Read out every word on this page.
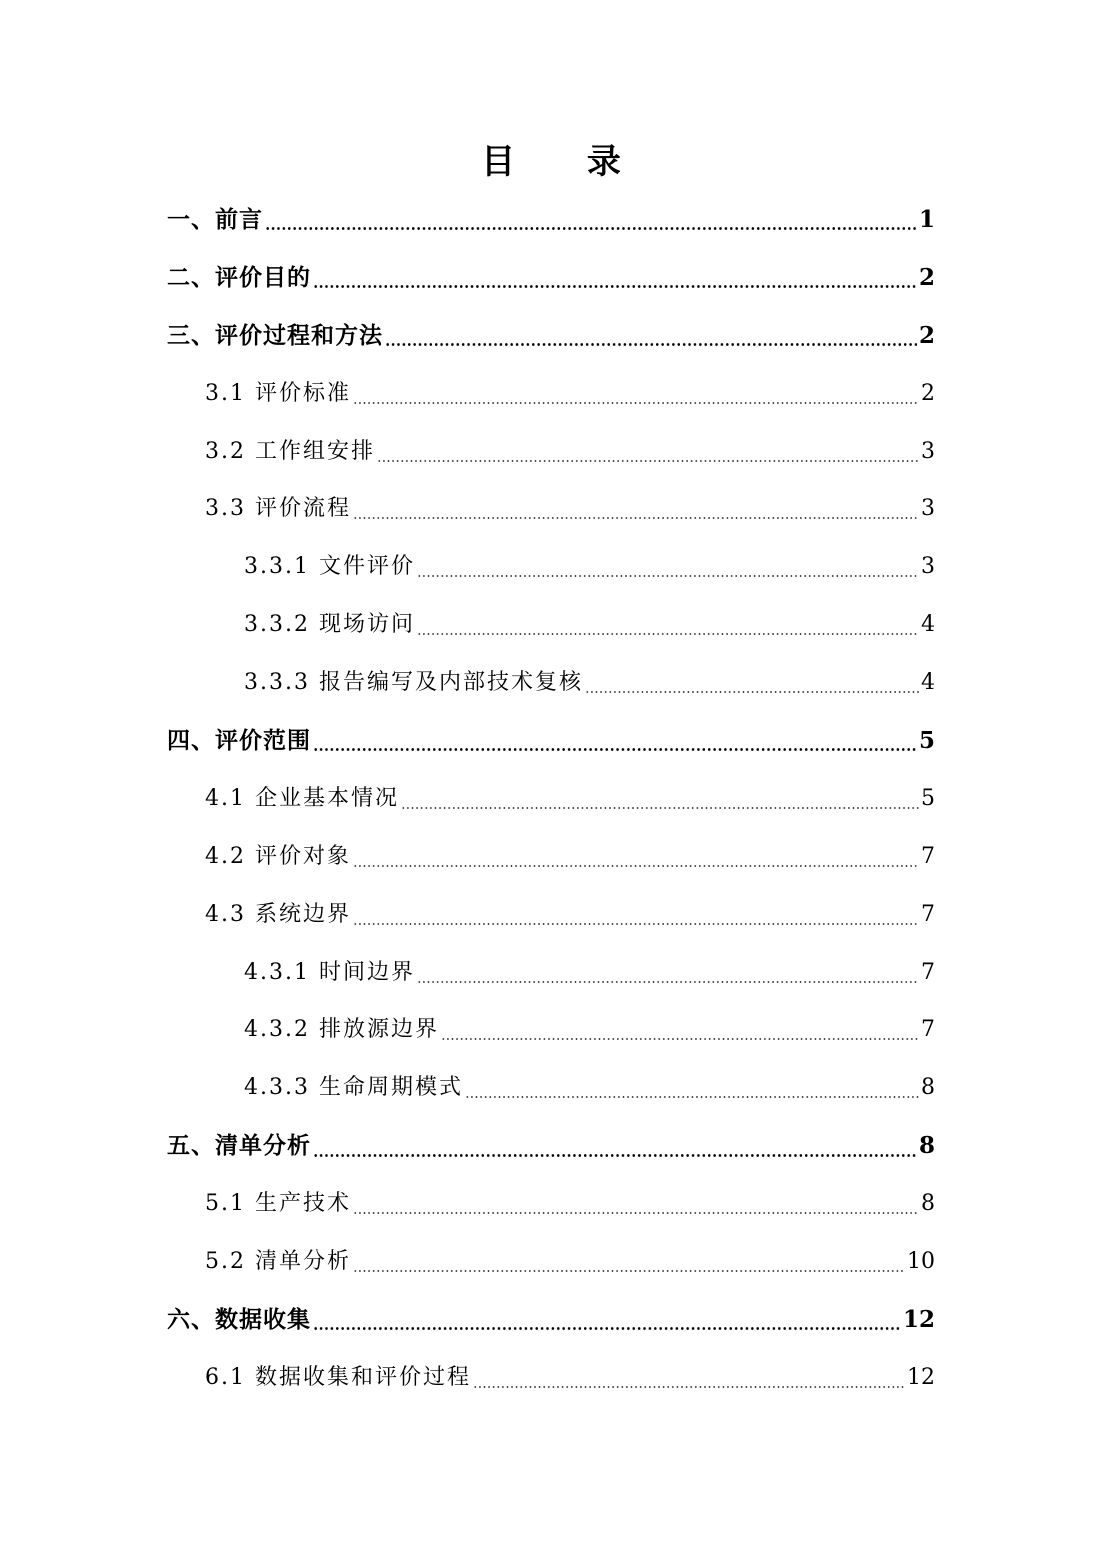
目 录
一、前言	1
二、评价目的	2
三、评价过程和方法	2
3.1 评价标准	2
3.2 工作组安排	3
3.3 评价流程	3
3.3.1 文件评价	3
3.3.2 现场访问	4
3.3.3 报告编写及内部技术复核	4
四、评价范围	5
4.1 企业基本情况	5
4.2 评价对象	7
4.3 系统边界	7
4.3.1 时间边界	7
4.3.2 排放源边界	7
4.3.3 生命周期模式	8
五、清单分析	8
5.1 生产技术	8
5.2 清单分析	10
六、数据收集	12
6.1 数据收集和评价过程	12
